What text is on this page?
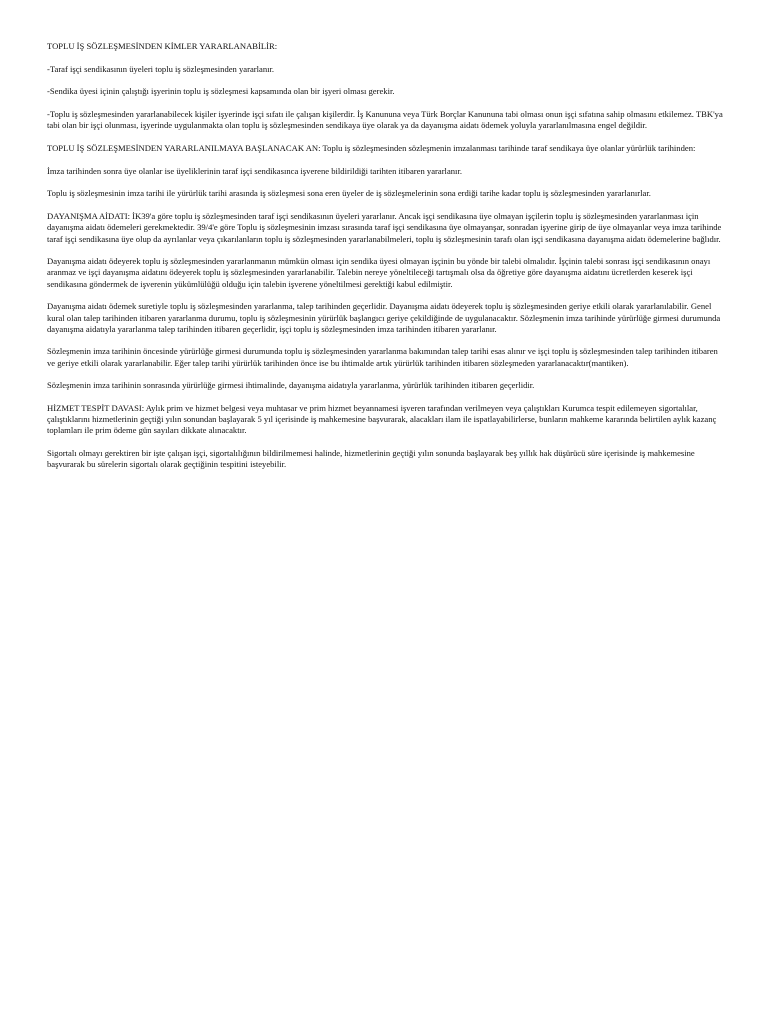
TOPLU İŞ SÖZLEŞMESİNDEN KİMLER YARARLANABİLİR:

-Taraf işçi sendikasının üyeleri toplu iş sözleşmesinden yararlanır.

-Sendika üyesi içinin çalıştığı işyerinin toplu iş sözleşmesi kapsamında olan bir işyeri olması gerekir.

-Toplu iş sözleşmesinden yararlanabilecek kişiler işyerinde işçi sıfatı ile çalışan kişilerdir. İş Kanununa veya Türk Borçlar Kanununa tabi olması onun işçi sıfatına sahip olmasını etkilemez. TBK'ya tabi olan bir işçi olunması, işyerinde uygulanmakta olan toplu iş sözleşmesinden sendikaya üye olarak ya da dayanışma aidatı ödemek yoluyla yararlanılmasına engel değildir.

TOPLU İŞ SÖZLEŞMESİNDEN YARARLANILMAYA BAŞLANACAK AN: Toplu iş sözleşmesinden sözleşmenin imzalanması tarihinde taraf sendikaya üye olanlar yürürlük tarihinden:

İmza tarihinden sonra üye olanlar ise üyeliklerinin taraf işçi sendikasınca işverene bildirildiği tarihten itibaren yararlanır.

Toplu iş sözleşmesinin imza tarihi ile yürürlük tarihi arasında iş sözleşmesi sona eren üyeler de iş sözleşmelerinin sona erdiği tarihe kadar toplu iş sözleşmesinden yararlanırlar.

DAYANIŞMA AİDATI: İK39'a göre toplu iş sözleşmesinden taraf işçi sendikasının üyeleri yararlanır. Ancak işçi sendikasına üye olmayan işçilerin toplu iş sözleşmesinden yararlanması için dayanışma aidatı ödemeleri gerekmektedir. 39/4'e göre Toplu iş sözleşmesinin imzası sırasında taraf işçi sendikasına üye olmayanşar, sonradan işyerine girip de üye olmayanlar veya imza tarihinde taraf işçi sendikasına üye olup da ayrılanlar veya çıkarılanların toplu iş sözleşmesinden yararlanabilmeleri, toplu iş sözleşmesinin tarafı olan işçi sendikasına dayanışma aidatı ödemelerine bağlıdır.

Dayanışma aidatı ödeyerek toplu iş sözleşmesinden yararlanmanın mümkün olması için sendika üyesi olmayan işçinin bu yönde bir talebi olmalıdır. İşçinin talebi sonrası işçi sendikasının onayı aranmaz ve işçi dayanışma aidatını ödeyerek toplu iş sözleşmesinden yararlanabilir. Talebin nereye yöneltileceği tartışmalı olsa da öğretiye göre dayanışma aidatını ücretlerden keserek işçi sendikasına göndermek de işverenin yükümlülüğü olduğu için talebin işverene yöneltilmesi gerektiği kabul edilmiştir.

Dayanışma aidatı ödemek suretiyle toplu iş sözleşmesinden yararlanma, talep tarihinden geçerlidir. Dayanışma aidatı ödeyerek toplu iş sözleşmesinden geriye etkili olarak yararlanılabilir. Genel kural olan talep tarihinden itibaren yararlanma durumu, toplu iş sözleşmesinin yürürlük başlangıcı geriye çekildiğinde de uygulanacaktır. Sözleşmenin imza tarihinde yürürlüğe girmesi durumunda dayanışma aidatıyla yararlanma talep tarihinden itibaren geçerlidir, işçi toplu iş sözleşmesinden imza tarihinden itibaren yararlanır.

Sözleşmenin imza tarihinin öncesinde yürürlüğe girmesi durumunda toplu iş sözleşmesinden yararlanma bakımından talep tarihi esas alınır ve işçi toplu iş sözleşmesinden talep tarihinden itibaren ve geriye etkili olarak yararlanabilir. Eğer talep tarihi yürürlük tarihinden önce ise bu ihtimalde artık yürürlük tarihinden itibaren sözleşmeden yararlanacaktır(mantiken).

Sözleşmenin imza tarihinin sonrasında yürürlüğe girmesi ihtimalinde, dayanışma aidatıyla yararlanma, yürürlük tarihinden itibaren geçerlidir.

HİZMET TESPİT DAVASI: Aylık prim ve hizmet belgesi veya muhtasar ve prim hizmet beyannamesi işveren tarafından verilmeyen veya çalıştıkları Kurumca tespit edilemeyen sigortalılar, çalıştıklarını hizmetlerinin geçtiği yılın sonundan başlayarak 5 yıl içerisinde iş mahkemesine başvurarak, alacakları ilam ile ispatlayabilirlerse, bunların mahkeme kararında belirtilen aylık kazanç toplamları ile prim ödeme gün sayıları dikkate alınacaktır.

Sigortalı olmayı gerektiren bir işte çalışan işçi, sigortalılığının bildirilmemesi halinde, hizmetlerinin geçtiği yılın sonunda başlayarak beş yıllık hak düşürücü süre içerisinde iş mahkemesine başvurarak bu sürelerin sigortalı olarak geçtiğinin tespitini isteyebilir.
